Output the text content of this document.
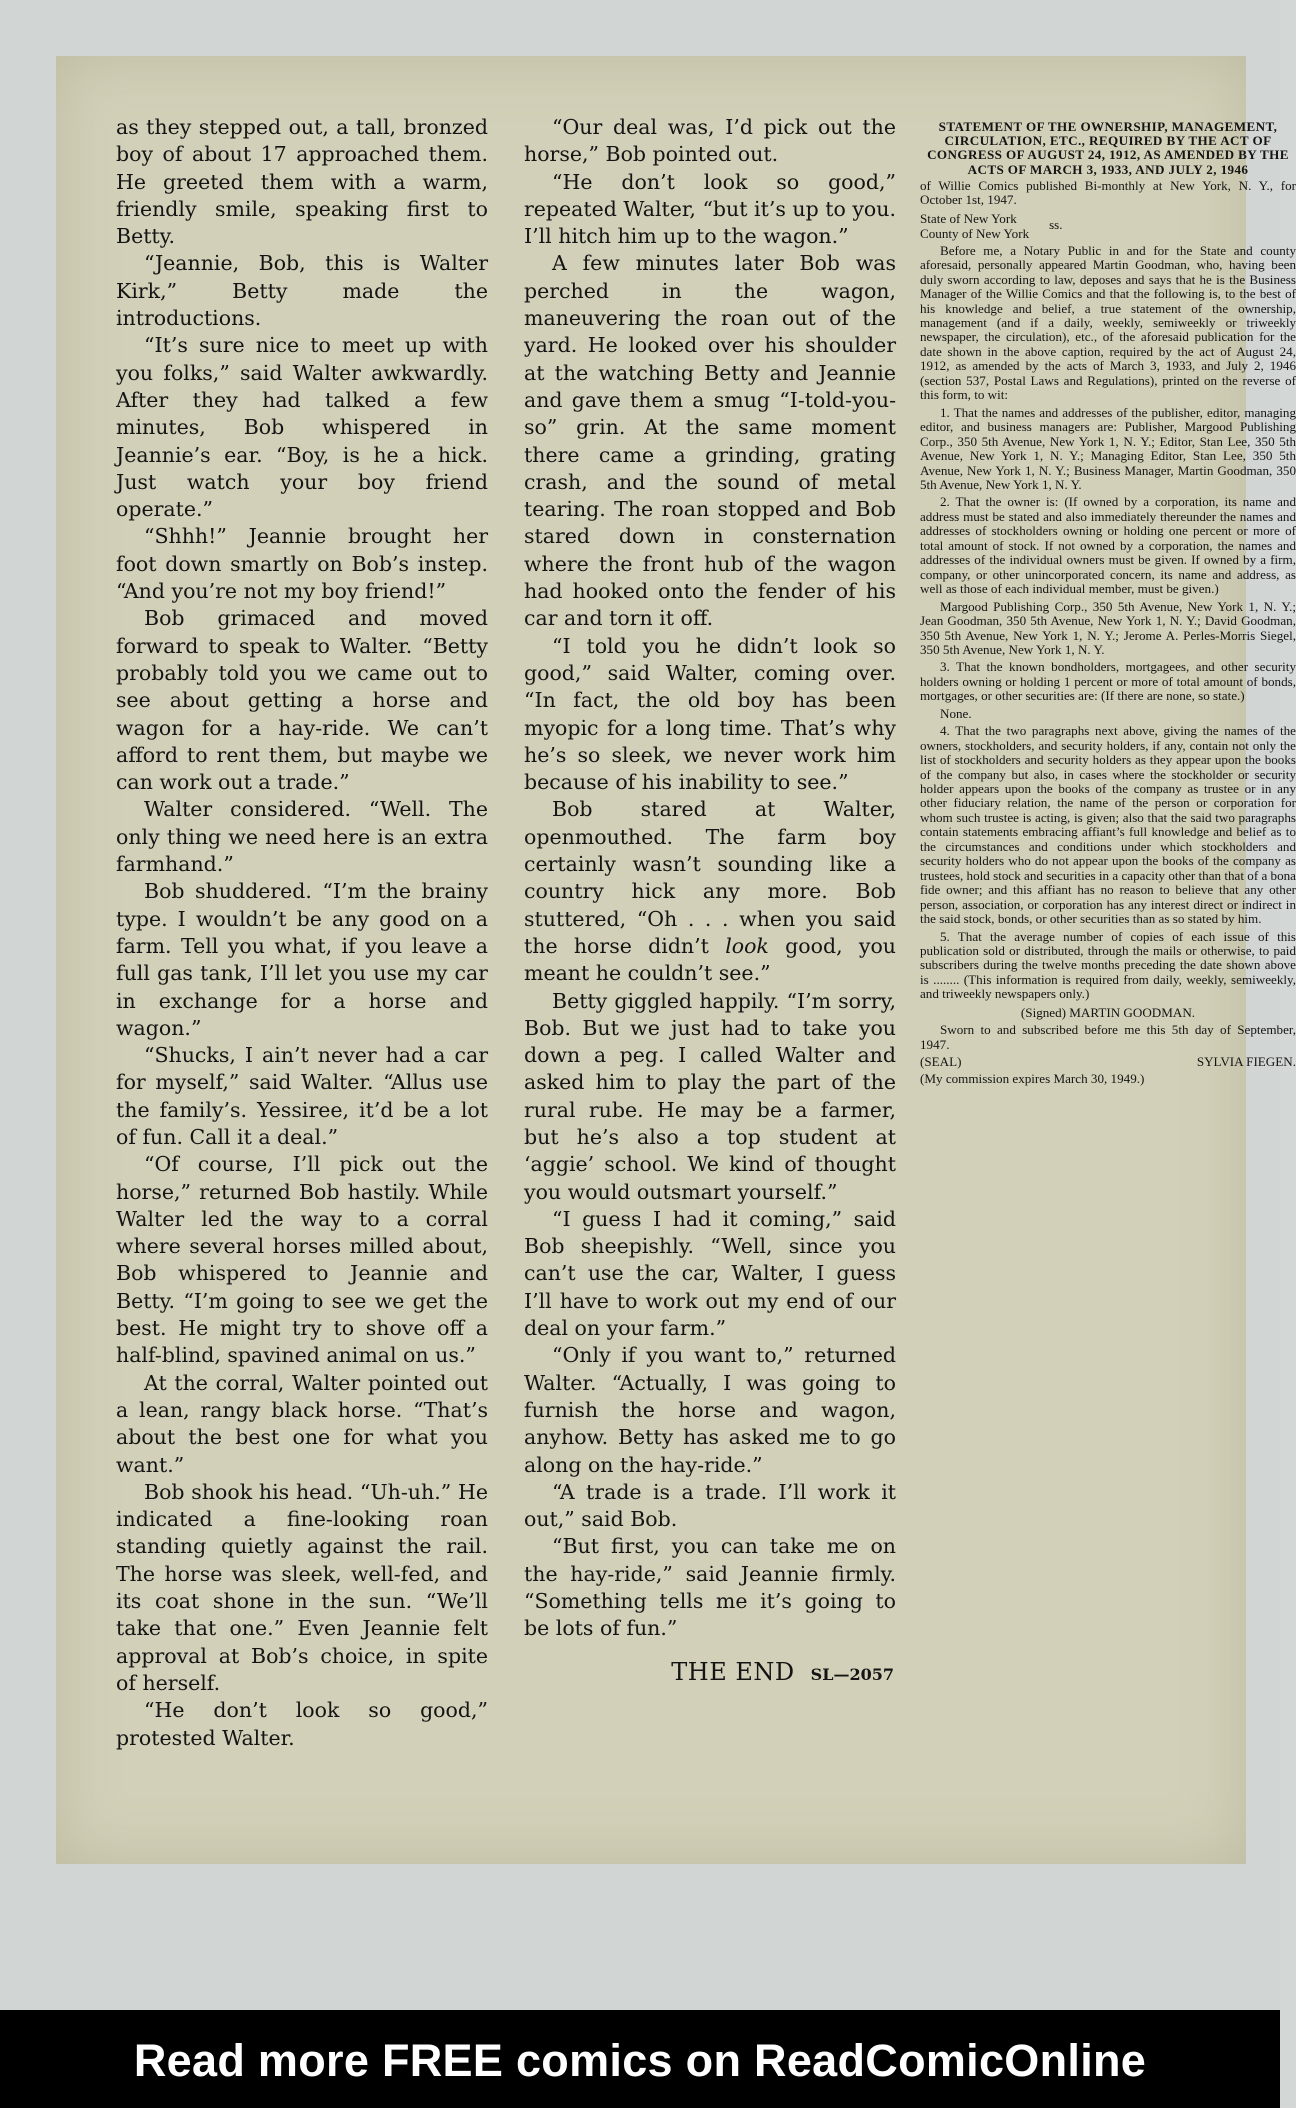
as they stepped out, a tall, bronzed boy of about 17 approached them. He greeted them with a warm, friendly smile, speaking first to Betty.

“Jeannie, Bob, this is Walter Kirk,” Betty made the introductions.

“It’s sure nice to meet up with you folks,” said Walter awkwardly. After they had talked a few minutes, Bob whispered in Jeannie’s ear. “Boy, is he a hick. Just watch your boy friend operate.”

“Shhh!” Jeannie brought her foot down smartly on Bob’s instep. “And you’re not my boy friend!”

Bob grimaced and moved forward to speak to Walter. “Betty probably told you we came out to see about getting a horse and wagon for a hay-ride. We can’t afford to rent them, but maybe we can work out a trade.”

Walter considered. “Well. The only thing we need here is an extra farmhand.”

Bob shuddered. “I’m the brainy type. I wouldn’t be any good on a farm. Tell you what, if you leave a full gas tank, I’ll let you use my car in exchange for a horse and wagon.”

“Shucks, I ain’t never had a car for myself,” said Walter. “Allus use the family’s. Yessiree, it’d be a lot of fun. Call it a deal.”

“Of course, I’ll pick out the horse,” returned Bob hastily. While Walter led the way to a corral where several horses milled about, Bob whispered to Jeannie and Betty. “I’m going to see we get the best. He might try to shove off a half-blind, spavined animal on us.”

At the corral, Walter pointed out a lean, rangy black horse. “That’s about the best one for what you want.”

Bob shook his head. “Uh-uh.” He indicated a fine-looking roan standing quietly against the rail. The horse was sleek, well-fed, and its coat shone in the sun. “We’ll take that one.” Even Jeannie felt approval at Bob’s choice, in spite of herself.

“He don’t look so good,” protested Walter.

“Our deal was, I’d pick out the horse,” Bob pointed out.

“He don’t look so good,” repeated Walter, “but it’s up to you. I’ll hitch him up to the wagon.”

A few minutes later Bob was perched in the wagon, maneuvering the roan out of the yard. He looked over his shoulder at the watching Betty and Jeannie and gave them a smug “I-told-you-so” grin. At the same moment there came a grinding, grating crash, and the sound of metal tearing. The roan stopped and Bob stared down in consternation where the front hub of the wagon had hooked onto the fender of his car and torn it off.

“I told you he didn’t look so good,” said Walter, coming over. “In fact, the old boy has been myopic for a long time. That’s why he’s so sleek, we never work him because of his inability to see.”

Bob stared at Walter, openmouthed. The farm boy certainly wasn’t sounding like a country hick any more. Bob stuttered, “Oh . . . when you said the horse didn’t look good, you meant he couldn’t see.”

Betty giggled happily. “I’m sorry, Bob. But we just had to take you down a peg. I called Walter and asked him to play the part of the rural rube. He may be a farmer, but he’s also a top student at ‘aggie’ school. We kind of thought you would outsmart yourself.”

“I guess I had it coming,” said Bob sheepishly. “Well, since you can’t use the car, Walter, I guess I’ll have to work out my end of our deal on your farm.”

“Only if you want to,” returned Walter. “Actually, I was going to furnish the horse and wagon, anyhow. Betty has asked me to go along on the hay-ride.”

“A trade is a trade. I’ll work it out,” said Bob.

“But first, you can take me on the hay-ride,” said Jeannie firmly. “Something tells me it’s going to be lots of fun.”

THE END SL—2057

STATEMENT OF THE OWNERSHIP, MANAGEMENT, CIRCULATION, ETC., REQUIRED BY THE ACT OF CONGRESS OF AUGUST 24, 1912, AS AMENDED BY THE ACTS OF MARCH 3, 1933, AND JULY 2, 1946

of Willie Comics published Bi-monthly at New York, N. Y., for October 1st, 1947.

State of New York
County of New York
ss.

Before me, a Notary Public in and for the State and county aforesaid, personally appeared Martin Goodman, who, having been duly sworn according to law, deposes and says that he is the Business Manager of the Willie Comics and that the following is, to the best of his knowledge and belief, a true statement of the ownership, management (and if a daily, weekly, semiweekly or triweekly newspaper, the circulation), etc., of the aforesaid publication for the date shown in the above caption, required by the act of August 24, 1912, as amended by the acts of March 3, 1933, and July 2, 1946 (section 537, Postal Laws and Regulations), printed on the reverse of this form, to wit:

1. That the names and addresses of the publisher, editor, managing editor, and business managers are: Publisher, Margood Publishing Corp., 350 5th Avenue, New York 1, N. Y.; Editor, Stan Lee, 350 5th Avenue, New York 1, N. Y.; Managing Editor, Stan Lee, 350 5th Avenue, New York 1, N. Y.; Business Manager, Martin Goodman, 350 5th Avenue, New York 1, N. Y.

2. That the owner is: (If owned by a corporation, its name and address must be stated and also immediately thereunder the names and addresses of stockholders owning or holding one percent or more of total amount of stock. If not owned by a corporation, the names and addresses of the individual owners must be given. If owned by a firm, company, or other unincorporated concern, its name and address, as well as those of each individual member, must be given.)

Margood Publishing Corp., 350 5th Avenue, New York 1, N. Y.; Jean Goodman, 350 5th Avenue, New York 1, N. Y.; David Goodman, 350 5th Avenue, New York 1, N. Y.; Jerome A. Perles-Morris Siegel, 350 5th Avenue, New York 1, N. Y.

3. That the known bondholders, mortgagees, and other security holders owning or holding 1 percent or more of total amount of bonds, mortgages, or other securities are: (If there are none, so state.)

None.

4. That the two paragraphs next above, giving the names of the owners, stockholders, and security holders, if any, contain not only the list of stockholders and security holders as they appear upon the books of the company but also, in cases where the stockholder or security holder appears upon the books of the company as trustee or in any other fiduciary relation, the name of the person or corporation for whom such trustee is acting, is given; also that the said two paragraphs contain statements embracing affiant’s full knowledge and belief as to the circumstances and conditions under which stockholders and security holders who do not appear upon the books of the company as trustees, hold stock and securities in a capacity other than that of a bona fide owner; and this affiant has no reason to believe that any other person, association, or corporation has any interest direct or indirect in the said stock, bonds, or other securities than as so stated by him.

5. That the average number of copies of each issue of this publication sold or distributed, through the mails or otherwise, to paid subscribers during the twelve months preceding the date shown above is ........ (This information is required from daily, weekly, semiweekly, and triweekly newspapers only.)

(Signed) MARTIN GOODMAN.

Sworn to and subscribed before me this 5th day of September, 1947.

(SEAL)	SYLVIA FIEGEN.

(My commission expires March 30, 1949.)

Read more FREE comics on ReadComicOnline
